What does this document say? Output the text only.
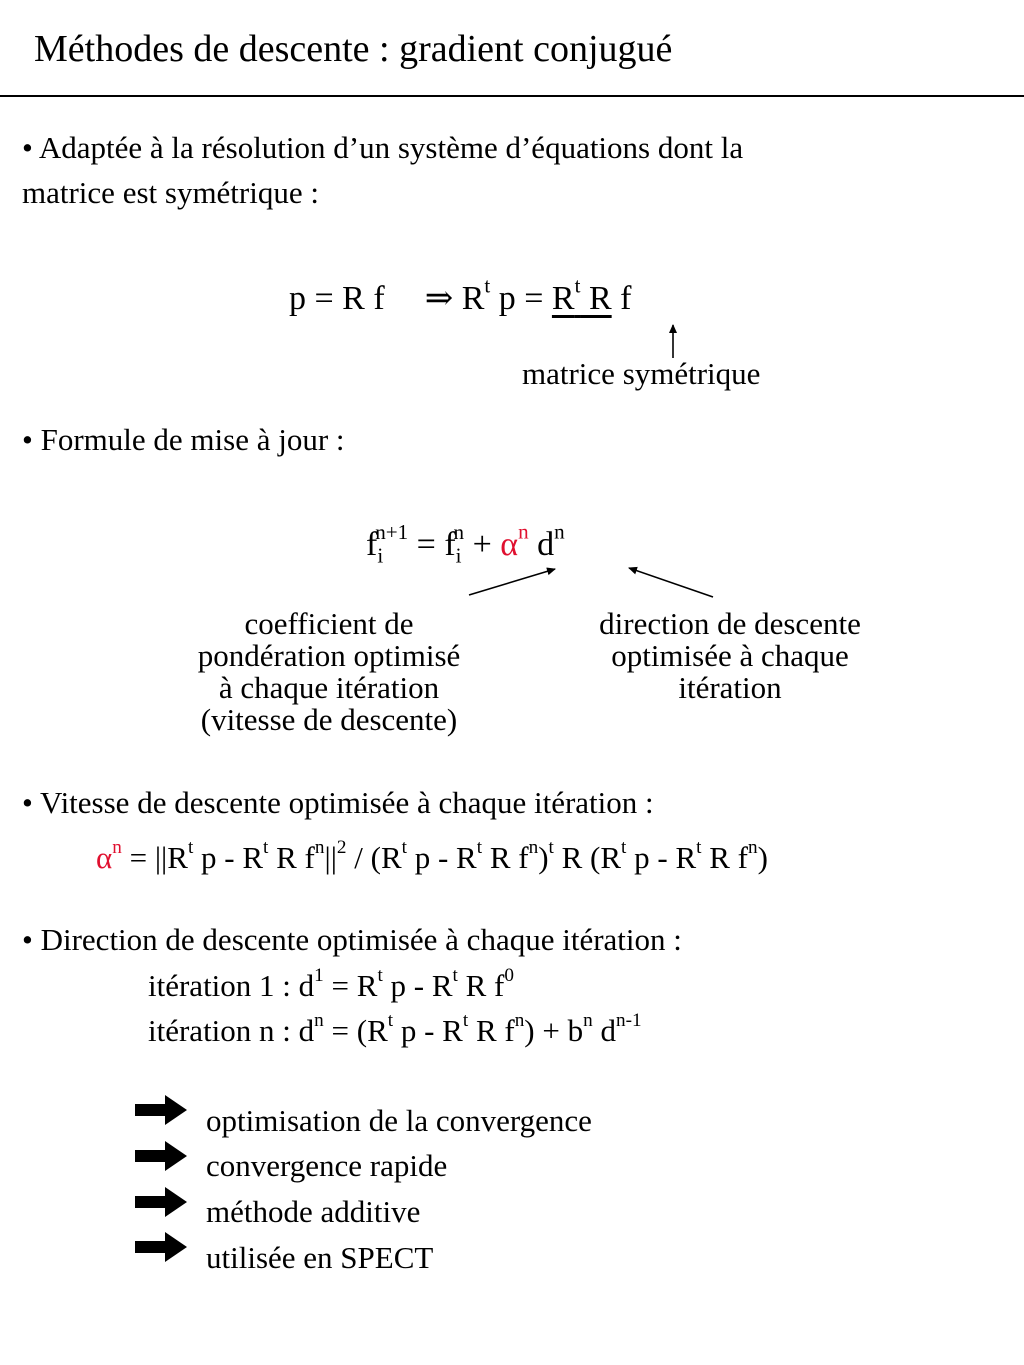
Méthodes de descente : gradient conjugué
• Adaptée à la résolution d’un système d’équations dont la
matrice est symétrique :
p = R f ⇒ $R^t$ $p = R^t$ R f
matrice symétrique
• Formule de mise à jour :
$f_i^{n+1} = f_i^n + \alpha^n$ $d^n$
coefficient de
pondération optimisé
à chaque itération
(vitesse de descente)
direction de descente
optimisée à chaque
itération
• Vitesse de descente optimisée à chaque itération :
$\alpha^n = ||R^t$ p - $R^t$ R $f^n||^2 / (R^t$ p - $R^t$ R $f^n)^t$ R ($R^t$ p - $R^t$ R $f^n$)
• Direction de descente optimisée à chaque itération :
itération 1 : $d^1 = R^t$ p - $R^t$ R $f^0$
itération n : $d^n = (R^t$ p - $R^t$ R $f^n) + b^n$ $d^{n-1}$
optimisation de la convergence
convergence rapide
méthode additive
utilisée en SPECT
